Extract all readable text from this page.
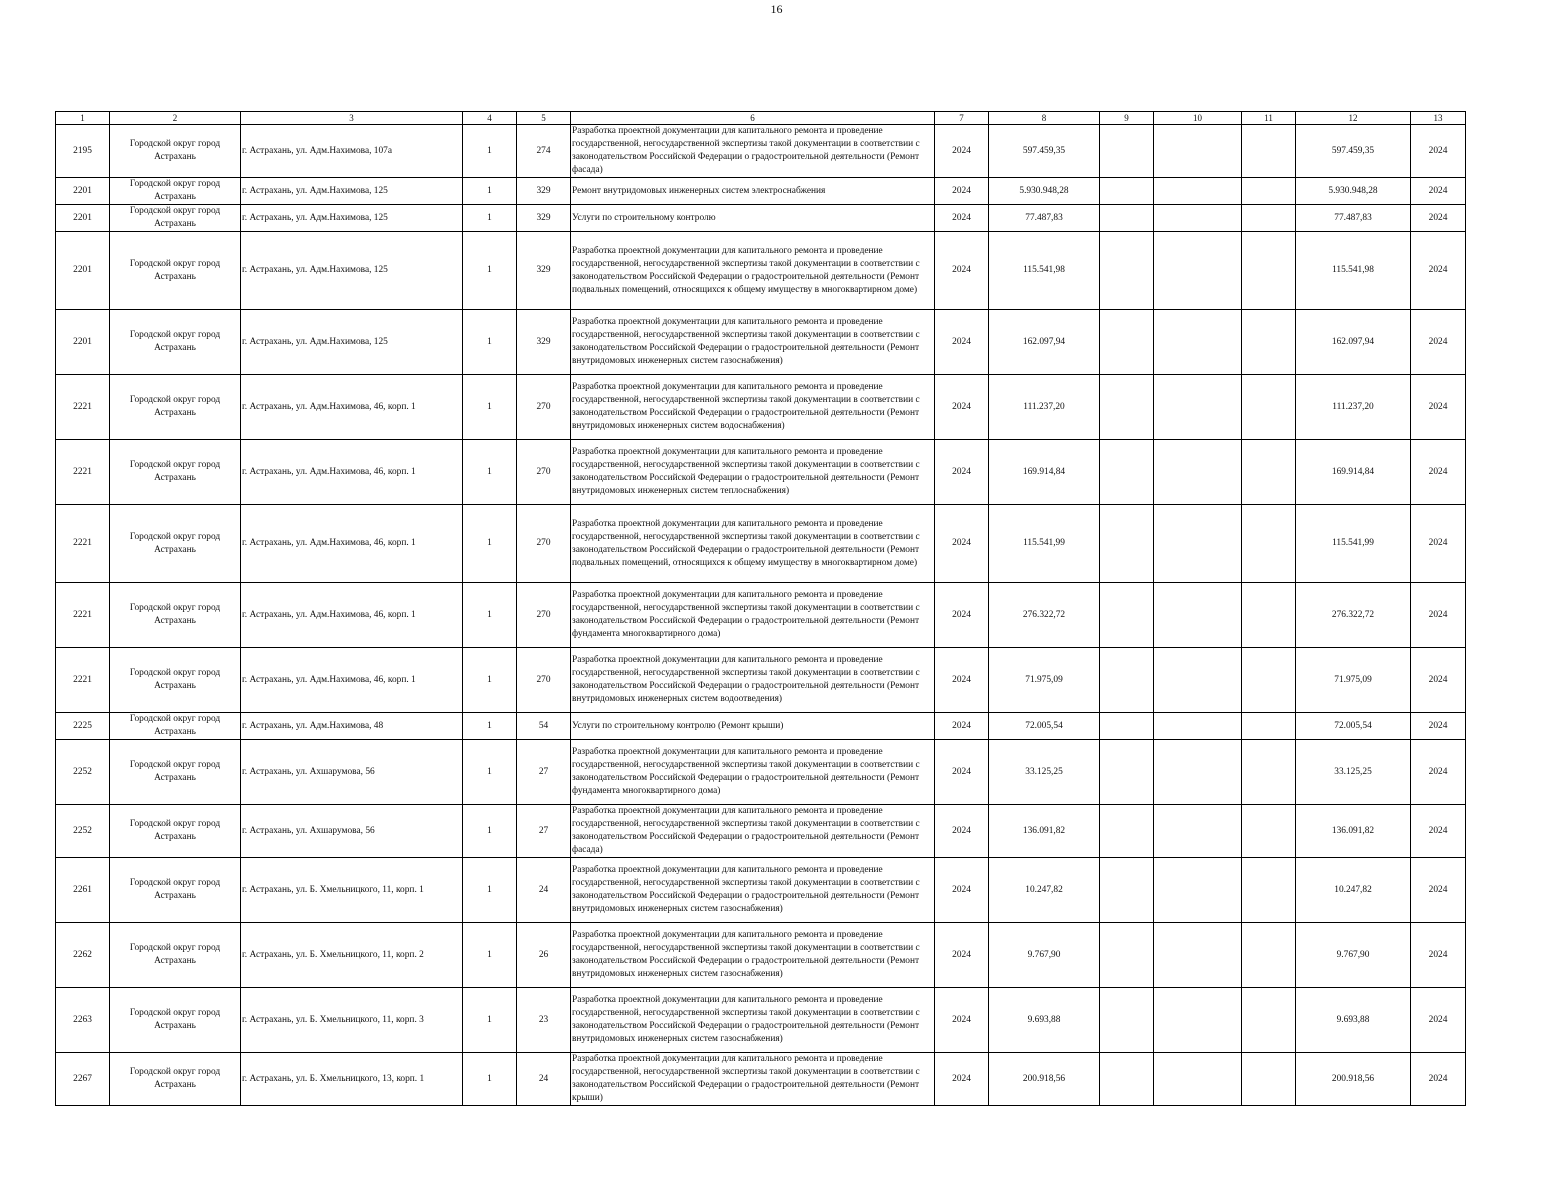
16
1	2	3	4	5	6	7	8	9	10	11	12	13
2195	Городской округ город Астрахань	г. Астрахань, ул. Адм.Нахимова, 107а	1	274	Разработка проектной документации для капитального ремонта и проведение государственной, негосударственной экспертизы такой документации в соответствии с законодательством Российской Федерации о градостроительной деятельности (Ремонт фасада)	2024	597.459,35				597.459,35	2024
2201	Городской округ город Астрахань	г. Астрахань, ул. Адм.Нахимова, 125	1	329	Ремонт внутридомовых инженерных систем электроснабжения	2024	5.930.948,28				5.930.948,28	2024
2201	Городской округ город Астрахань	г. Астрахань, ул. Адм.Нахимова, 125	1	329	Услуги по строительному контролю	2024	77.487,83				77.487,83	2024
2201	Городской округ город Астрахань	г. Астрахань, ул. Адм.Нахимова, 125	1	329	Разработка проектной документации для капитального ремонта и проведение государственной, негосударственной экспертизы такой документации в соответствии с законодательством Российской Федерации о градостроительной деятельности (Ремонт подвальных помещений, относящихся к общему имуществу в многоквартирном доме)	2024	115.541,98				115.541,98	2024
2201	Городской округ город Астрахань	г. Астрахань, ул. Адм.Нахимова, 125	1	329	Разработка проектной документации для капитального ремонта и проведение государственной, негосударственной экспертизы такой документации в соответствии с законодательством Российской Федерации о градостроительной деятельности (Ремонт внутридомовых инженерных систем газоснабжения)	2024	162.097,94				162.097,94	2024
2221	Городской округ город Астрахань	г. Астрахань, ул. Адм.Нахимова, 46, корп. 1	1	270	Разработка проектной документации для капитального ремонта и проведение государственной, негосударственной экспертизы такой документации в соответствии с законодательством Российской Федерации о градостроительной деятельности (Ремонт внутридомовых инженерных систем водоснабжения)	2024	111.237,20				111.237,20	2024
2221	Городской округ город Астрахань	г. Астрахань, ул. Адм.Нахимова, 46, корп. 1	1	270	Разработка проектной документации для капитального ремонта и проведение государственной, негосударственной экспертизы такой документации в соответствии с законодательством Российской Федерации о градостроительной деятельности (Ремонт внутридомовых инженерных систем теплоснабжения)	2024	169.914,84				169.914,84	2024
2221	Городской округ город Астрахань	г. Астрахань, ул. Адм.Нахимова, 46, корп. 1	1	270	Разработка проектной документации для капитального ремонта и проведение государственной, негосударственной экспертизы такой документации в соответствии с законодательством Российской Федерации о градостроительной деятельности (Ремонт подвальных помещений, относящихся к общему имуществу в многоквартирном доме)	2024	115.541,99				115.541,99	2024
2221	Городской округ город Астрахань	г. Астрахань, ул. Адм.Нахимова, 46, корп. 1	1	270	Разработка проектной документации для капитального ремонта и проведение государственной, негосударственной экспертизы такой документации в соответствии с законодательством Российской Федерации о градостроительной деятельности (Ремонт фундамента многоквартирного дома)	2024	276.322,72				276.322,72	2024
2221	Городской округ город Астрахань	г. Астрахань, ул. Адм.Нахимова, 46, корп. 1	1	270	Разработка проектной документации для капитального ремонта и проведение государственной, негосударственной экспертизы такой документации в соответствии с законодательством Российской Федерации о градостроительной деятельности (Ремонт внутридомовых инженерных систем водоотведения)	2024	71.975,09				71.975,09	2024
2225	Городской округ город Астрахань	г. Астрахань, ул. Адм.Нахимова, 48	1	54	Услуги по строительному контролю (Ремонт крыши)	2024	72.005,54				72.005,54	2024
2252	Городской округ город Астрахань	г. Астрахань, ул. Ахшарумова, 56	1	27	Разработка проектной документации для капитального ремонта и проведение государственной, негосударственной экспертизы такой документации в соответствии с законодательством Российской Федерации о градостроительной деятельности (Ремонт фундамента многоквартирного дома)	2024	33.125,25				33.125,25	2024
2252	Городской округ город Астрахань	г. Астрахань, ул. Ахшарумова, 56	1	27	Разработка проектной документации для капитального ремонта и проведение государственной, негосударственной экспертизы такой документации в соответствии с законодательством Российской Федерации о градостроительной деятельности (Ремонт фасада)	2024	136.091,82				136.091,82	2024
2261	Городской округ город Астрахань	г. Астрахань, ул. Б. Хмельницкого, 11, корп. 1	1	24	Разработка проектной документации для капитального ремонта и проведение государственной, негосударственной экспертизы такой документации в соответствии с законодательством Российской Федерации о градостроительной деятельности (Ремонт внутридомовых инженерных систем газоснабжения)	2024	10.247,82				10.247,82	2024
2262	Городской округ город Астрахань	г. Астрахань, ул. Б. Хмельницкого, 11, корп. 2	1	26	Разработка проектной документации для капитального ремонта и проведение государственной, негосударственной экспертизы такой документации в соответствии с законодательством Российской Федерации о градостроительной деятельности (Ремонт внутридомовых инженерных систем газоснабжения)	2024	9.767,90				9.767,90	2024
2263	Городской округ город Астрахань	г. Астрахань, ул. Б. Хмельницкого, 11, корп. 3	1	23	Разработка проектной документации для капитального ремонта и проведение государственной, негосударственной экспертизы такой документации в соответствии с законодательством Российской Федерации о градостроительной деятельности (Ремонт внутридомовых инженерных систем газоснабжения)	2024	9.693,88				9.693,88	2024
2267	Городской округ город Астрахань	г. Астрахань, ул. Б. Хмельницкого, 13, корп. 1	1	24	Разработка проектной документации для капитального ремонта и проведение государственной, негосударственной экспертизы такой документации в соответствии с законодательством Российской Федерации о градостроительной деятельности (Ремонт крыши)	2024	200.918,56				200.918,56	2024
